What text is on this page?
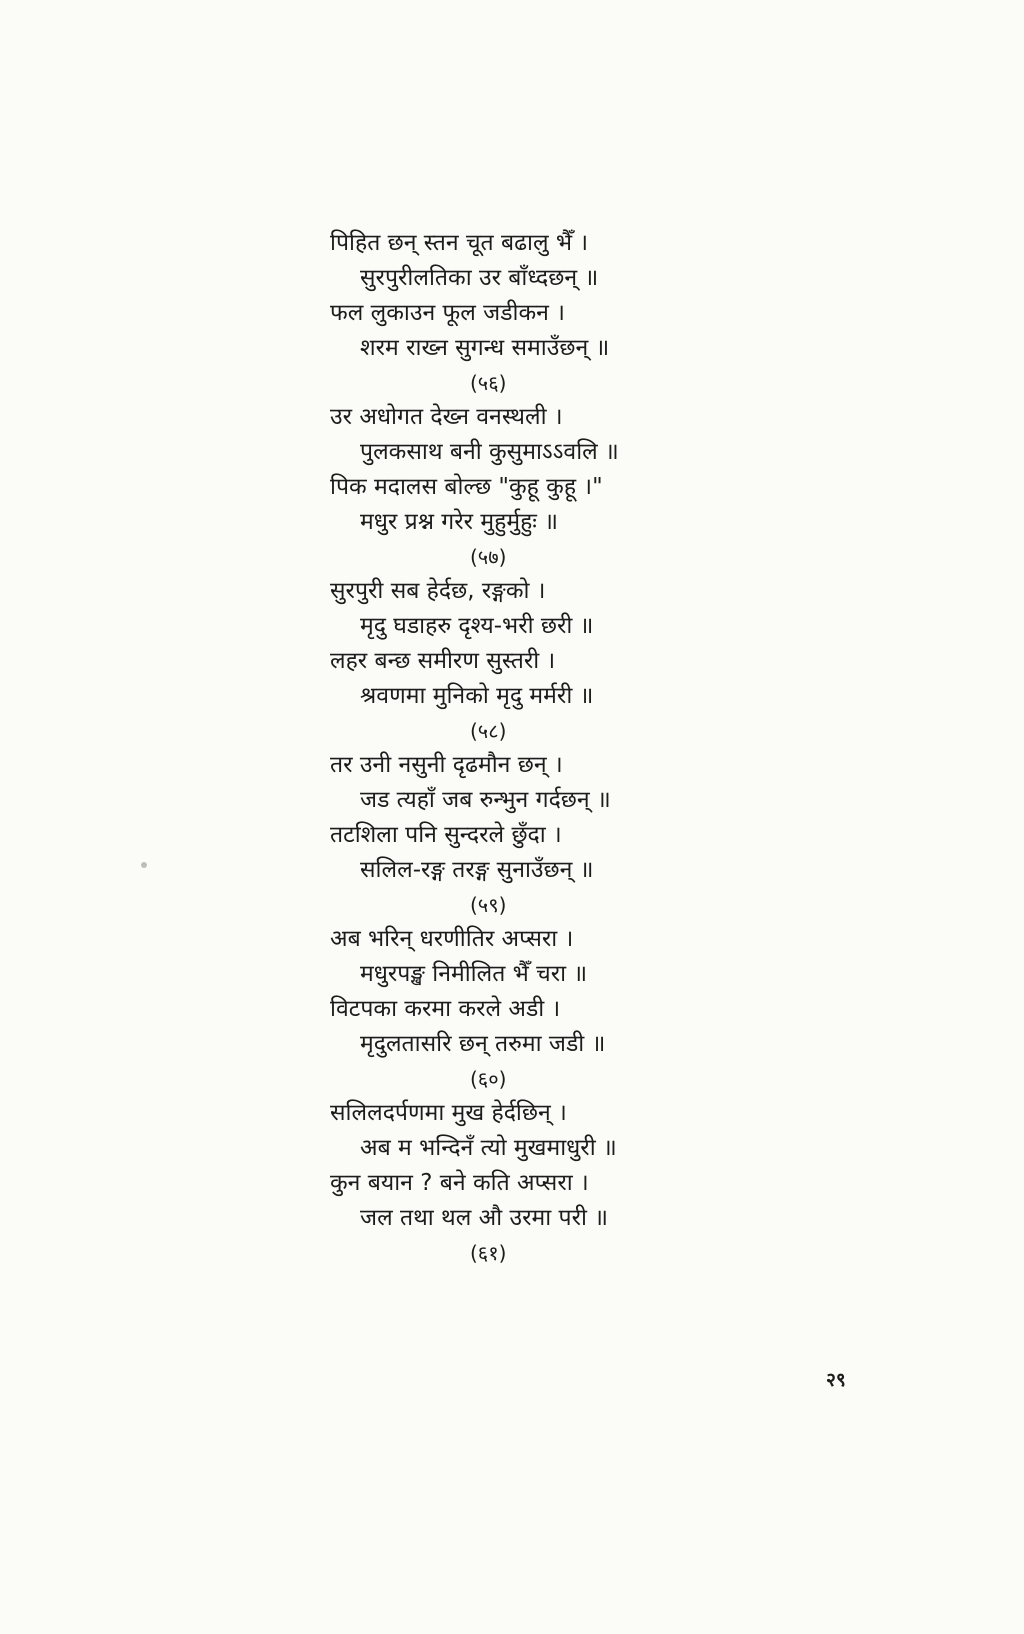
पिहित छन् स्तन चूत बढालु भैँ ।
सुरपुरीलतिका उर बाँध्दछन् ॥
फल लुकाउन फूल जडीकन ।
शरम राख्न सुगन्ध समाउँछन् ॥
(५६)
उर अधोगत देख्न वनस्थली ।
पुलकसाथ बनी कुसुमाऽऽवलि ॥
पिक मदालस बोल्छ "कुहू कुहू ।"
मधुर प्रश्न गरेर मुहुर्मुहुः ॥
(५७)
सुरपुरी सब हेर्दछ, रङ्गको ।
मृदु घडाहरु दृश्य-भरी छरी ॥
लहर बन्छ समीरण सुस्तरी ।
श्रवणमा मुनिको मृदु मर्मरी ॥
(५८)
तर उनी नसुनी दृढमौन छन् ।
जड त्यहाँ जब रुन्भुन गर्दछन् ॥
तटशिला पनि सुन्दरले छुँदा ।
सलिल-रङ्ग तरङ्ग सुनाउँछन् ॥
(५९)
अब भरिन् धरणीतिर अप्सरा ।
मधुरपङ्ख निमीलित भैँ चरा ॥
विटपका करमा करले अडी ।
मृदुलतासरि छन् तरुमा जडी ॥
(६०)
सलिलदर्पणमा मुख हेर्दछिन् ।
अब म भन्दिनँ त्यो मुखमाधुरी ॥
कुन बयान ? बने कति अप्सरा ।
जल तथा थल औ उरमा परी ॥
(६१)
२९
